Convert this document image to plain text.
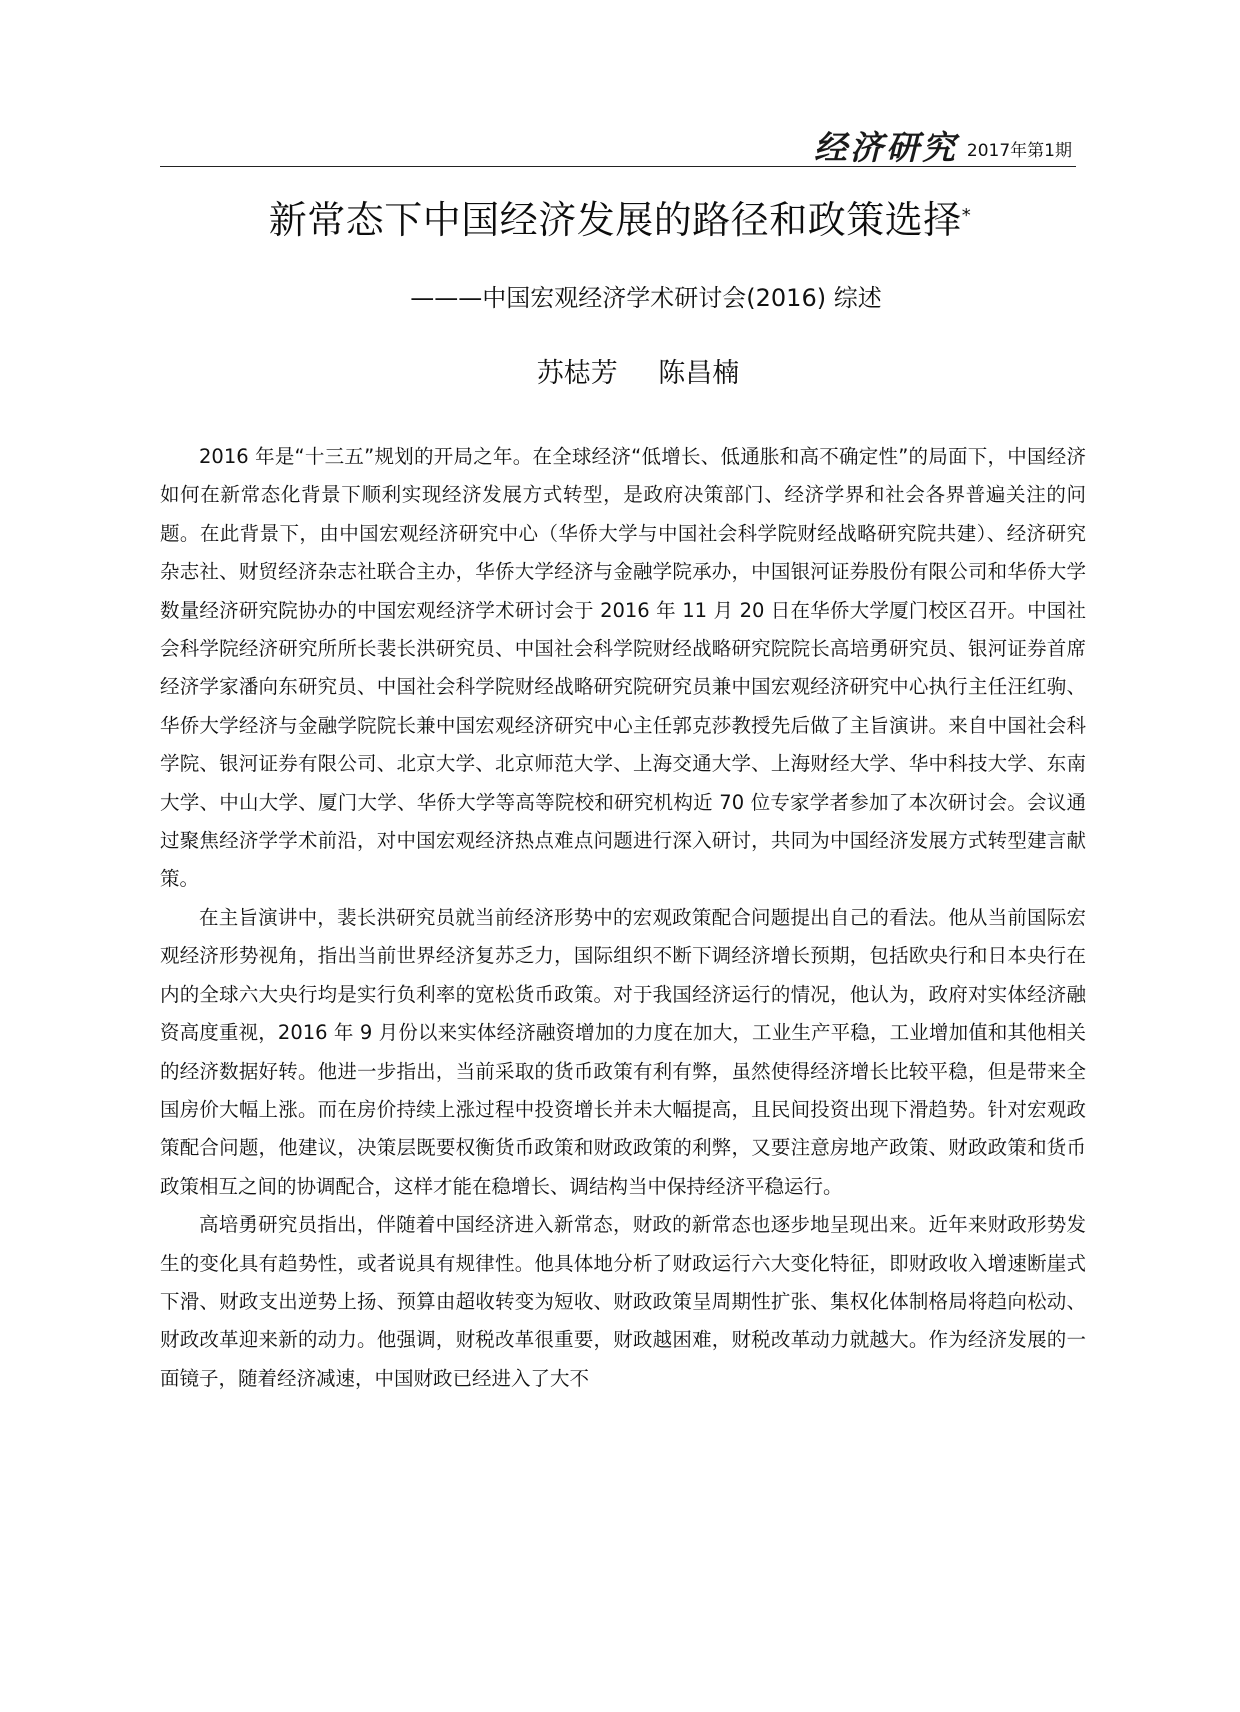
经济研究 2017年第1期
新常态下中国经济发展的路径和政策选择*
———中国宏观经济学术研讨会(2016) 综述
苏梽芳 陈昌楠

2016 年是“十三五”规划的开局之年。在全球经济“低增长、低通胀和高不确定性”的局面下，中国经济如何在新常态化背景下顺利实现经济发展方式转型，是政府决策部门、经济学界和社会各界普遍关注的问题。在此背景下，由中国宏观经济研究中心（华侨大学与中国社会科学院财经战略研究院共建）、经济研究杂志社、财贸经济杂志社联合主办，华侨大学经济与金融学院承办，中国银河证券股份有限公司和华侨大学数量经济研究院协办的中国宏观经济学术研讨会于 2016 年 11 月 20 日在华侨大学厦门校区召开。中国社会科学院经济研究所所长裴长洪研究员、中国社会科学院财经战略研究院院长高培勇研究员、银河证券首席经济学家潘向东研究员、中国社会科学院财经战略研究院研究员兼中国宏观经济研究中心执行主任汪红驹、华侨大学经济与金融学院院长兼中国宏观经济研究中心主任郭克莎教授先后做了主旨演讲。来自中国社会科学院、银河证券有限公司、北京大学、北京师范大学、上海交通大学、上海财经大学、华中科技大学、东南大学、中山大学、厦门大学、华侨大学等高等院校和研究机构近 70 位专家学者参加了本次研讨会。会议通过聚焦经济学学术前沿，对中国宏观经济热点难点问题进行深入研讨，共同为中国经济发展方式转型建言献策。

在主旨演讲中，裴长洪研究员就当前经济形势中的宏观政策配合问题提出自己的看法。他从当前国际宏观经济形势视角，指出当前世界经济复苏乏力，国际组织不断下调经济增长预期，包括欧央行和日本央行在内的全球六大央行均是实行负利率的宽松货币政策。对于我国经济运行的情况，他认为，政府对实体经济融资高度重视，2016 年 9 月份以来实体经济融资增加的力度在加大，工业生产平稳，工业增加值和其他相关的经济数据好转。他进一步指出，当前采取的货币政策有利有弊，虽然使得经济增长比较平稳，但是带来全国房价大幅上涨。而在房价持续上涨过程中投资增长并未大幅提高，且民间投资出现下滑趋势。针对宏观政策配合问题，他建议，决策层既要权衡货币政策和财政政策的利弊，又要注意房地产政策、财政政策和货币政策相互之间的协调配合，这样才能在稳增长、调结构当中保持经济平稳运行。

高培勇研究员指出，伴随着中国经济进入新常态，财政的新常态也逐步地呈现出来。近年来财政形势发生的变化具有趋势性，或者说具有规律性。他具体地分析了财政运行六大变化特征，即财政收入增速断崖式下滑、财政支出逆势上扬、预算由超收转变为短收、财政政策呈周期性扩张、集权化体制格局将趋向松动、财政改革迎来新的动力。他强调，财税改革很重要，财政越困难，财税改革动力就越大。作为经济发展的一面镜子，随着经济减速，中国财政已经进入了大不
